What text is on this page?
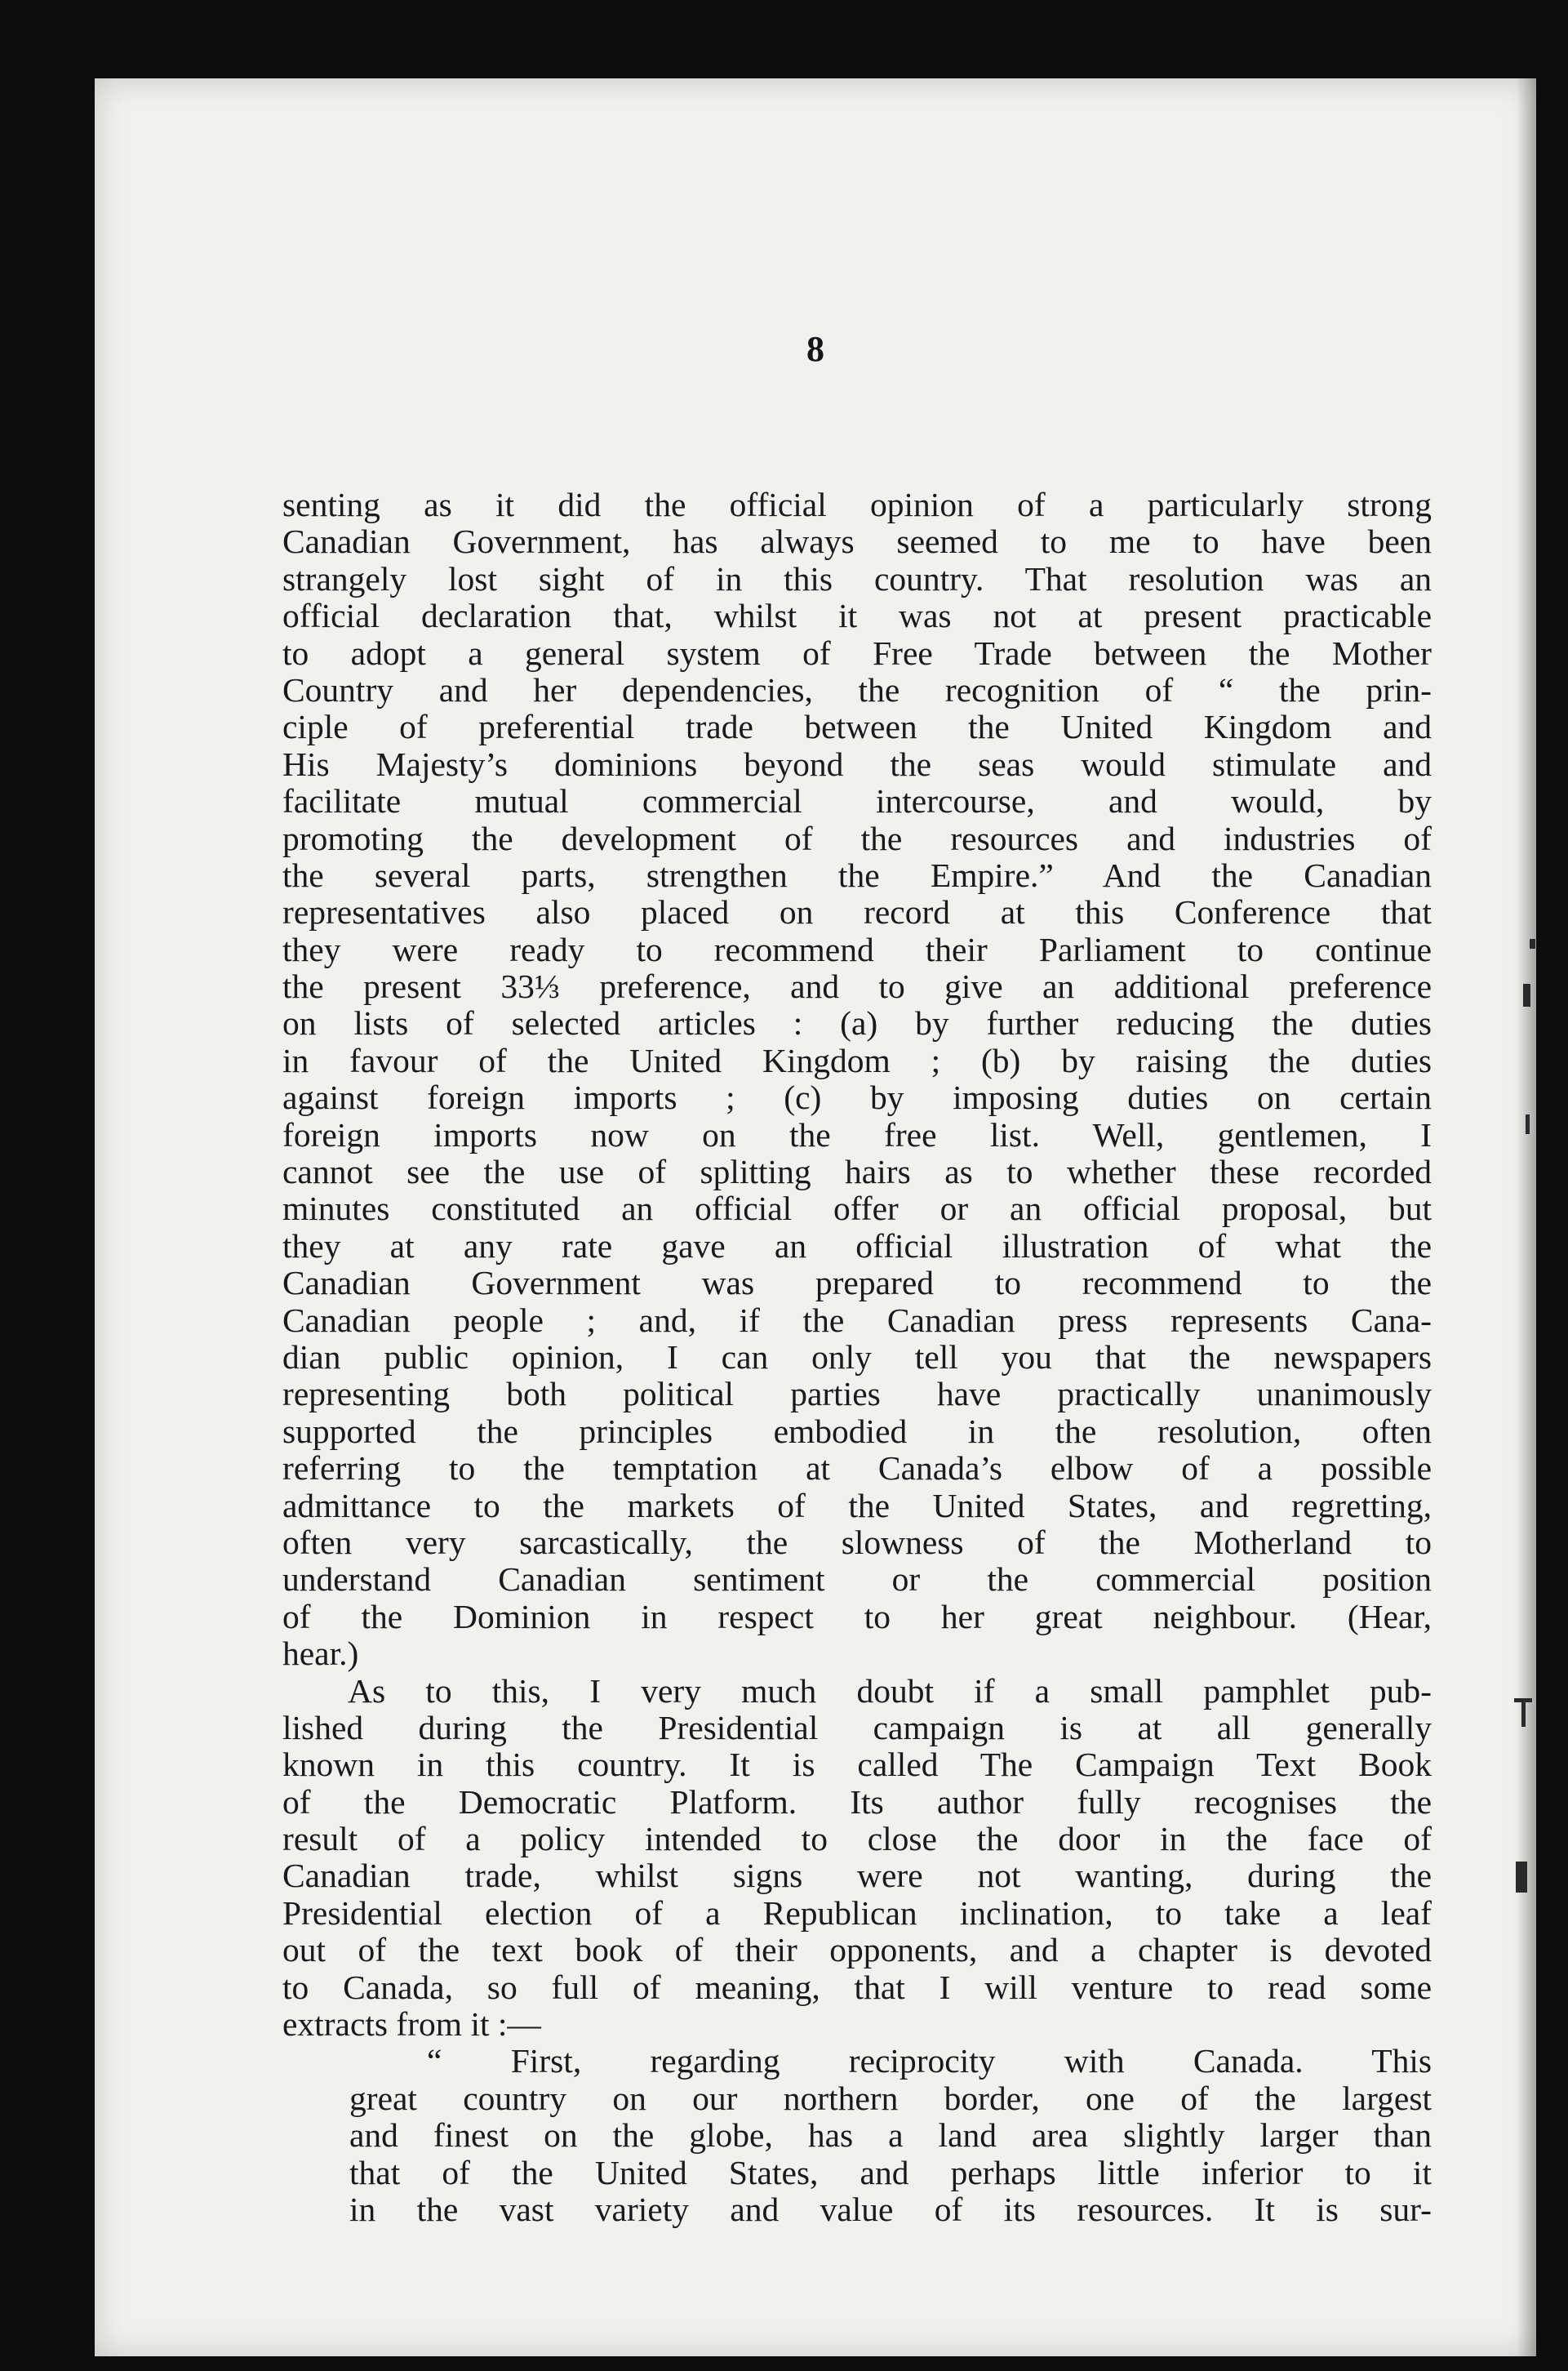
8
senting as it did the official opinion of a particularly strong
Canadian Government, has always seemed to me to have been
strangely lost sight of in this country. That resolution was an
official declaration that, whilst it was not at present practicable
to adopt a general system of Free Trade between the Mother
Country and her dependencies, the recognition of “ the prin-
ciple of preferential trade between the United Kingdom and
His Majesty’s dominions beyond the seas would stimulate and
facilitate mutual commercial intercourse, and would, by
promoting the development of the resources and industries of
the several parts, strengthen the Empire.” And the Canadian
representatives also placed on record at this Conference that
they were ready to recommend their Parliament to continue
the present 33⅓ preference, and to give an additional preference
on lists of selected articles : (a) by further reducing the duties
in favour of the United Kingdom ; (b) by raising the duties
against foreign imports ; (c) by imposing duties on certain
foreign imports now on the free list. Well, gentlemen, I
cannot see the use of splitting hairs as to whether these recorded
minutes constituted an official offer or an official proposal, but
they at any rate gave an official illustration of what the
Canadian Government was prepared to recommend to the
Canadian people ; and, if the Canadian press represents Cana-
dian public opinion, I can only tell you that the newspapers
representing both political parties have practically unanimously
supported the principles embodied in the resolution, often
referring to the temptation at Canada’s elbow of a possible
admittance to the markets of the United States, and regretting,
often very sarcastically, the slowness of the Motherland to
understand Canadian sentiment or the commercial position
of the Dominion in respect to her great neighbour. (Hear,
hear.)
As to this, I very much doubt if a small pamphlet pub-
lished during the Presidential campaign is at all generally
known in this country. It is called The Campaign Text Book
of the Democratic Platform. Its author fully recognises the
result of a policy intended to close the door in the face of
Canadian trade, whilst signs were not wanting, during the
Presidential election of a Republican inclination, to take a leaf
out of the text book of their opponents, and a chapter is devoted
to Canada, so full of meaning, that I will venture to read some
extracts from it :—
“ First, regarding reciprocity with Canada. This
great country on our northern border, one of the largest
and finest on the globe, has a land area slightly larger than
that of the United States, and perhaps little inferior to it
in the vast variety and value of its resources. It is sur-
